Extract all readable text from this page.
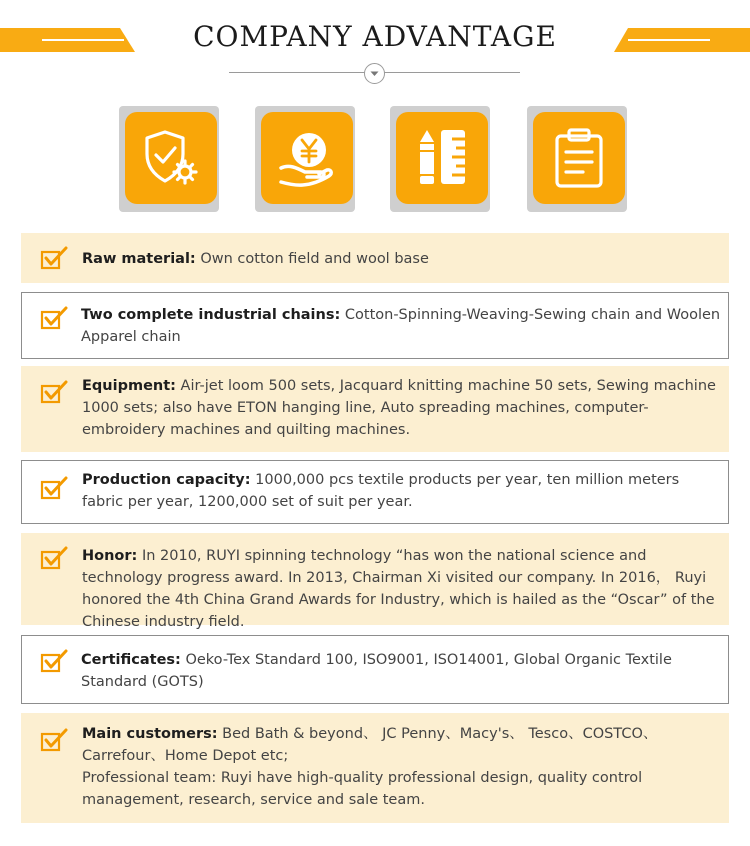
COMPANY ADVANTAGE
Raw material: Own cotton field and wool base
Two complete industrial chains: Cotton-Spinning-Weaving-Sewing chain and Woolen Apparel chain
Equipment: Air-jet loom 500 sets, Jacquard knitting machine 50 sets, Sewing machine 1000 sets; also have ETON hanging line, Auto spreading machines, computer-embroidery machines and quilting machines.
Production capacity: 1000,000 pcs textile products per year, ten million meters fabric per year, 1200,000 set of suit per year.
Honor: In 2010, RUYI spinning technology “has won the national science and technology progress award. In 2013, Chairman Xi visited our company. In 2016， Ruyi honored the 4th China Grand Awards for Industry, which is hailed as the “Oscar” of the Chinese industry field.
Certificates: Oeko-Tex Standard 100, ISO9001, ISO14001, Global Organic Textile Standard (GOTS)
Main customers: Bed Bath & beyond、 JC Penny、Macy's、 Tesco、COSTCO、Carrefour、Home Depot etc;
Professional team: Ruyi have high-quality professional design, quality control management, research, service and sale team.
